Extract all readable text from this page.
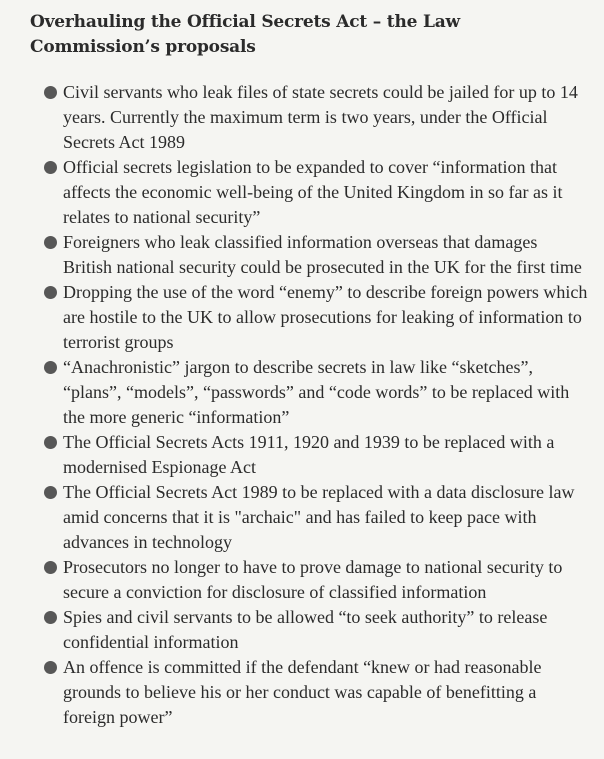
Overhauling the Official Secrets Act – the Law Commission’s proposals
Civil servants who leak files of state secrets could be jailed for up to 14 years. Currently the maximum term is two years, under the Official Secrets Act 1989
Official secrets legislation to be expanded to cover “information that affects the economic well-being of the United Kingdom in so far as it relates to national security”
Foreigners who leak classified information overseas that damages British national security could be prosecuted in the UK for the first time
Dropping the use of the word “enemy” to describe foreign powers which are hostile to the UK to allow prosecutions for leaking of information to terrorist groups
“Anachronistic” jargon to describe secrets in law like “sketches”, “plans”, “models”, “passwords” and “code words” to be replaced with the more generic “information”
The Official Secrets Acts 1911, 1920 and 1939 to be replaced with a modernised Espionage Act
The Official Secrets Act 1989 to be replaced with a data disclosure law amid concerns that it is "archaic" and has failed to keep pace with advances in technology
Prosecutors no longer to have to prove damage to national security to secure a conviction for disclosure of classified information
Spies and civil servants to be allowed “to seek authority” to release confidential information
An offence is committed if the defendant “knew or had reasonable grounds to believe his or her conduct was capable of benefitting a foreign power”
